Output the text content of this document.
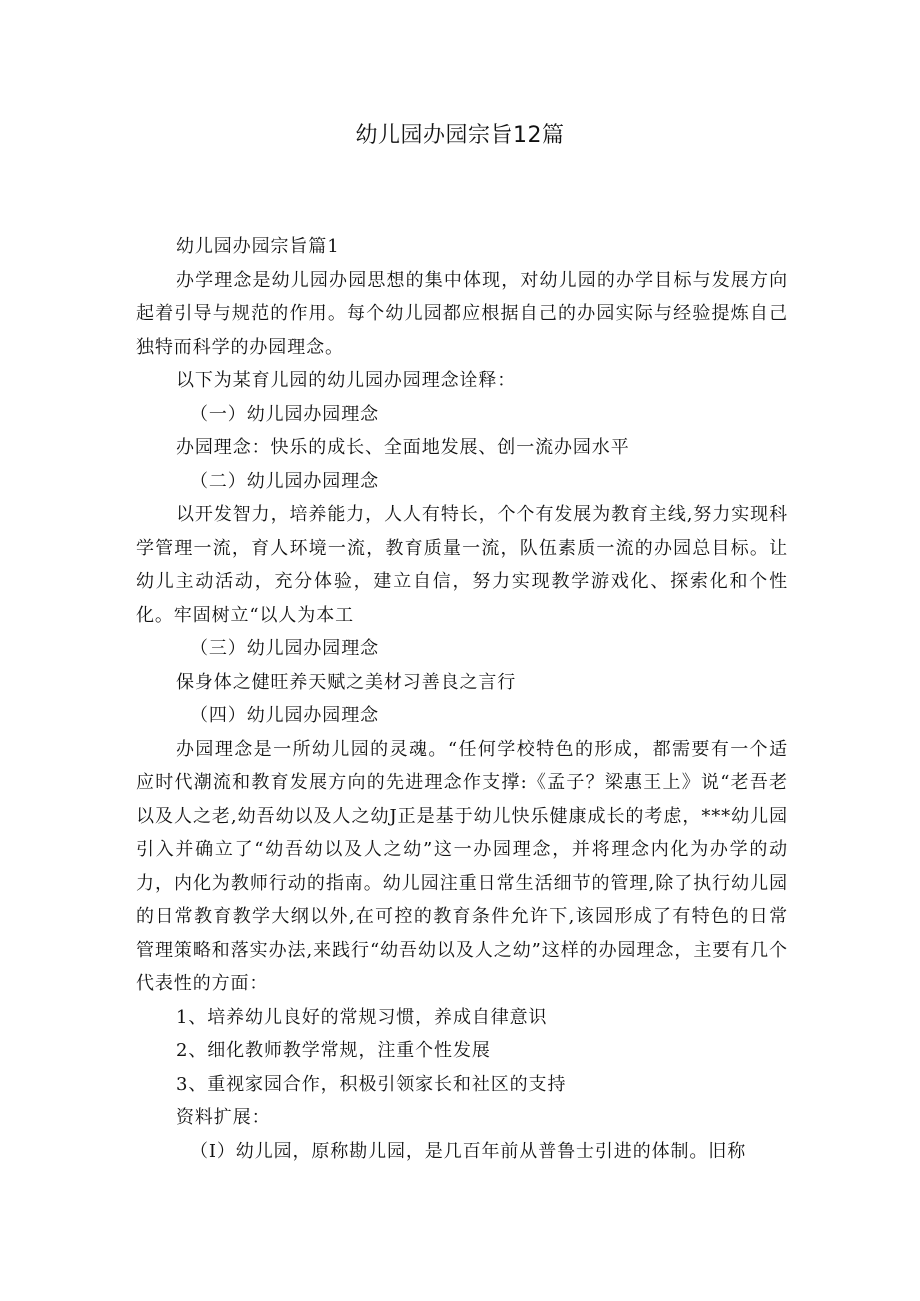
幼儿园办园宗旨12篇

幼儿园办园宗旨篇1

办学理念是幼儿园办园思想的集中体现，对幼儿园的办学目标与发展方向起着引导与规范的作用。每个幼儿园都应根据自己的办园实际与经验提炼自己独特而科学的办园理念。

以下为某育儿园的幼儿园办园理念诠释：

（一）幼儿园办园理念

办园理念：快乐的成长、全面地发展、创一流办园水平

（二）幼儿园办园理念

以开发智力，培养能力，人人有特长，个个有发展为教育主线,努力实现科学管理一流，育人环境一流，教育质量一流，队伍素质一流的办园总目标。让幼儿主动活动，充分体验，建立自信，努力实现教学游戏化、探索化和个性化。牢固树立“以人为本工

（三）幼儿园办园理念

保身体之健旺养天赋之美材习善良之言行

（四）幼儿园办园理念

办园理念是一所幼儿园的灵魂。“任何学校特色的形成，都需要有一个适应时代潮流和教育发展方向的先进理念作支撑:《孟子？梁惠王上》说“老吾老以及人之老,幼吾幼以及人之幼J正是基于幼儿快乐健康成长的考虑，***幼儿园引入并确立了“幼吾幼以及人之幼”这一办园理念，并将理念内化为办学的动力，内化为教师行动的指南。幼儿园注重日常生活细节的管理,除了执行幼儿园的日常教育教学大纲以外,在可控的教育条件允许下,该园形成了有特色的日常管理策略和落实办法,来践行“幼吾幼以及人之幼”这样的办园理念，主要有几个代表性的方面：

1、培养幼儿良好的常规习惯，养成自律意识

2、细化教师教学常规，注重个性发展

3、重视家园合作，积极引领家长和社区的支持

资料扩展：

（I）幼儿园，原称勘儿园，是几百年前从普鲁士引进的体制。旧称
